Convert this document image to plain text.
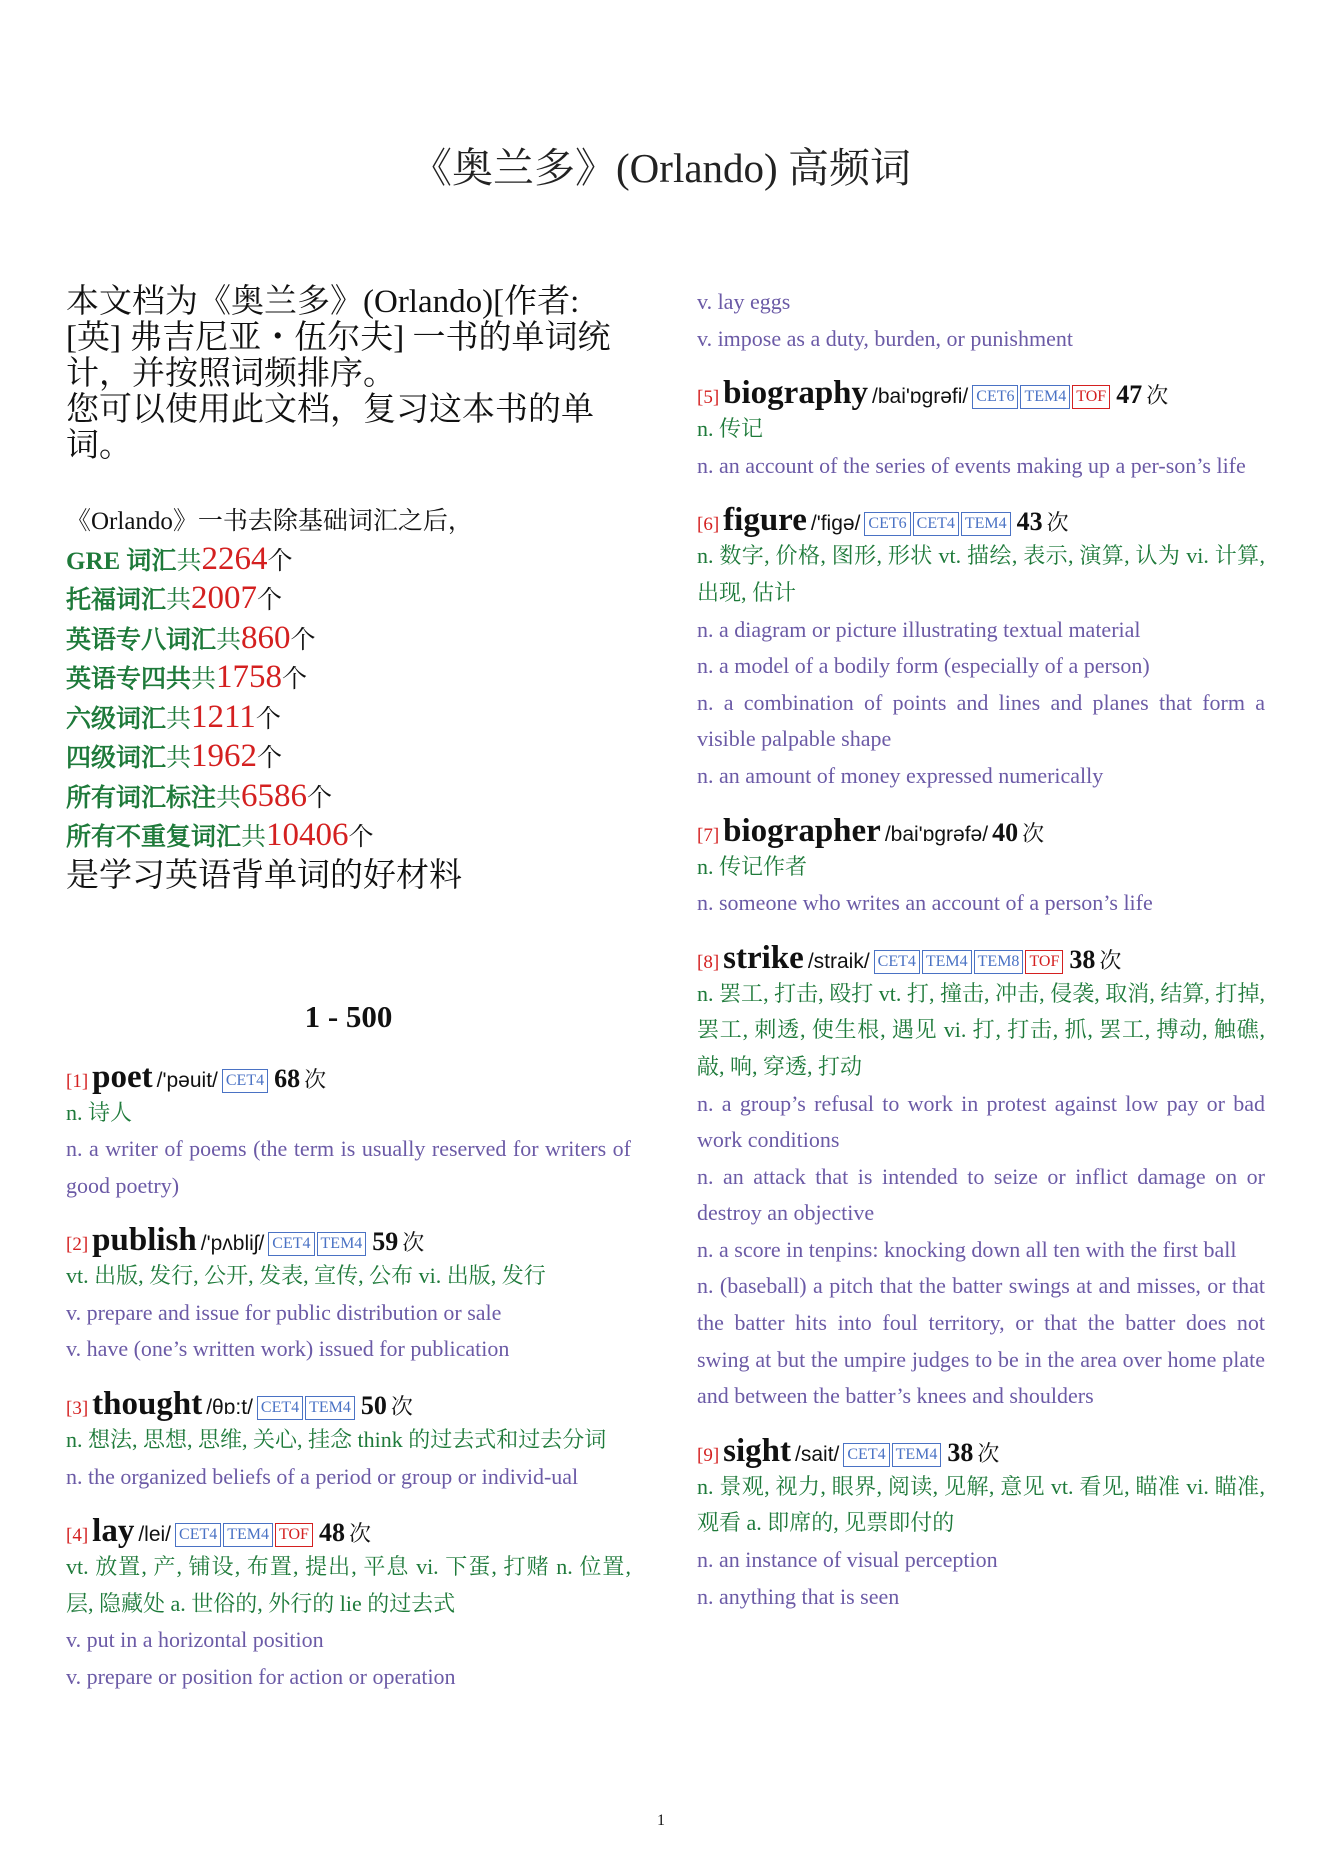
《奥兰多》(Orlando) 高频词
本文档为《奥兰多》(Orlando)[作者: [英] 弗吉尼亚・伍尔夫] 一书的单词统计，并按照词频排序。
您可以使用此文档，复习这本书的单词。
《Orlando》一书去除基础词汇之后，
GRE 词汇共2264个
托福词汇共2007个
英语专八词汇共860个
英语专四共共1758个
六级词汇共1211个
四级词汇共1962个
所有词汇标注共6586个
所有不重复词汇共10406个
是学习英语背单词的好材料
1 - 500
[1] poet /'pəuit/ CET4 68 次
n. 诗人
n. a writer of poems (the term is usually reserved for writers of good poetry)
[2] publish /'pʌbliʃ/ CET4 TEM4 59 次
vt. 出版, 发行, 公开, 发表, 宣传, 公布 vi. 出版, 发行
v. prepare and issue for public distribution or sale
v. have (one’s written work) issued for publication
[3] thought /θɒ:t/ CET4 TEM4 50 次
n. 想法, 思想, 思维, 关心, 挂念 think 的过去式和过去分词
n. the organized beliefs of a period or group or individ-ual
[4] lay /lei/ CET4 TEM4 TOF 48 次
vt. 放置, 产, 铺设, 布置, 提出, 平息 vi. 下蛋, 打赌 n. 位置, 层, 隐藏处 a. 世俗的, 外行的 lie 的过去式
v. put in a horizontal position
v. prepare or position for action or operation
v. lay eggs
v. impose as a duty, burden, or punishment
[5] biography /bai'ɒgrəfi/ CET6 TEM4 TOF 47 次
n. 传记
n. an account of the series of events making up a per-son’s life
[6] figure /'figə/ CET6 CET4 TEM4 43 次
n. 数字, 价格, 图形, 形状 vt. 描绘, 表示, 演算, 认为 vi. 计算, 出现, 估计
n. a diagram or picture illustrating textual material
n. a model of a bodily form (especially of a person)
n. a combination of points and lines and planes that form a visible palpable shape
n. an amount of money expressed numerically
[7] biographer /bai'ɒgrəfə/ 40 次
n. 传记作者
n. someone who writes an account of a person’s life
[8] strike /straik/ CET4 TEM4 TEM8 TOF 38 次
n. 罢工, 打击, 殴打 vt. 打, 撞击, 冲击, 侵袭, 取消, 结算, 打掉, 罢工, 刺透, 使生根, 遇见 vi. 打, 打击, 抓, 罢工, 搏动, 触礁, 敲, 响, 穿透, 打动
n. a group’s refusal to work in protest against low pay or bad work conditions
n. an attack that is intended to seize or inflict damage on or destroy an objective
n. a score in tenpins: knocking down all ten with the first ball
n. (baseball) a pitch that the batter swings at and misses, or that the batter hits into foul territory, or that the batter does not swing at but the umpire judges to be in the area over home plate and between the batter’s knees and shoulders
[9] sight /sait/ CET4 TEM4 38 次
n. 景观, 视力, 眼界, 阅读, 见解, 意见 vt. 看见, 瞄准 vi. 瞄准, 观看 a. 即席的, 见票即付的
n. an instance of visual perception
n. anything that is seen
1
